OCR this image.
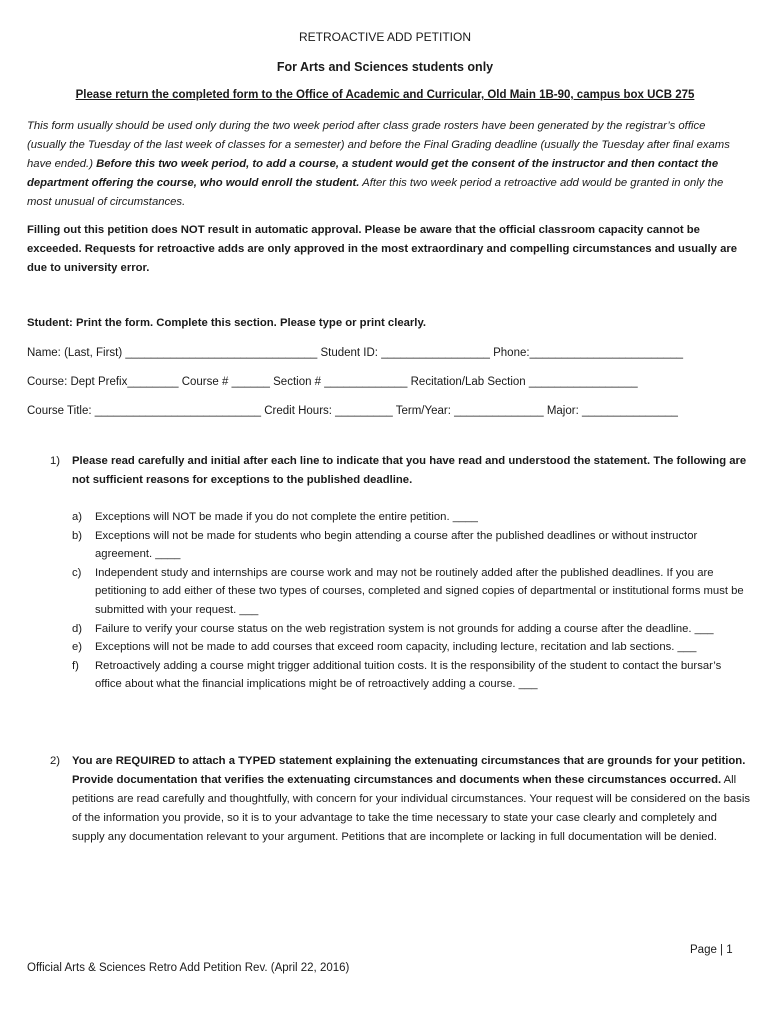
RETROACTIVE ADD PETITION
For Arts and Sciences students only
Please return the completed form to the Office of Academic and Curricular, Old Main 1B-90, campus box UCB 275
This form usually should be used only during the two week period after class grade rosters have been generated by the registrar’s office (usually the Tuesday of the last week of classes for a semester) and before the Final Grading deadline (usually the Tuesday after final exams have ended.) Before this two week period, to add a course, a student would get the consent of the instructor and then contact the department offering the course, who would enroll the student. After this two week period a retroactive add would be granted in only the most unusual of circumstances.
Filling out this petition does NOT result in automatic approval. Please be aware that the official classroom capacity cannot be exceeded. Requests for retroactive adds are only approved in the most extraordinary and compelling circumstances and usually are due to university error.
Student: Print the form. Complete this section. Please type or print clearly.
Name: (Last, First) ______________________________ Student ID: _________________ Phone:________________________
Course: Dept Prefix________ Course # ______ Section # _____________ Recitation/Lab Section _________________
Course Title: __________________________ Credit Hours: _________ Term/Year: ______________ Major: _______________
1) Please read carefully and initial after each line to indicate that you have read and understood the statement. The following are not sufficient reasons for exceptions to the published deadline.
a) Exceptions will NOT be made if you do not complete the entire petition. ____
b) Exceptions will not be made for students who begin attending a course after the published deadlines or without instructor agreement. ____
c) Independent study and internships are course work and may not be routinely added after the published deadlines. If you are petitioning to add either of these two types of courses, completed and signed copies of departmental or institutional forms must be submitted with your request. ___
d) Failure to verify your course status on the web registration system is not grounds for adding a course after the deadline. ___
e) Exceptions will not be made to add courses that exceed room capacity, including lecture, recitation and lab sections. ___
f) Retroactively adding a course might trigger additional tuition costs. It is the responsibility of the student to contact the bursar’s office about what the financial implications might be of retroactively adding a course. ___
2) You are REQUIRED to attach a TYPED statement explaining the extenuating circumstances that are grounds for your petition. Provide documentation that verifies the extenuating circumstances and documents when these circumstances occurred. All petitions are read carefully and thoughtfully, with concern for your individual circumstances. Your request will be considered on the basis of the information you provide, so it is to your advantage to take the time necessary to state your case clearly and completely and supply any documentation relevant to your argument. Petitions that are incomplete or lacking in full documentation will be denied.
Page | 1
Official Arts & Sciences Retro Add Petition Rev. (April 22, 2016)
